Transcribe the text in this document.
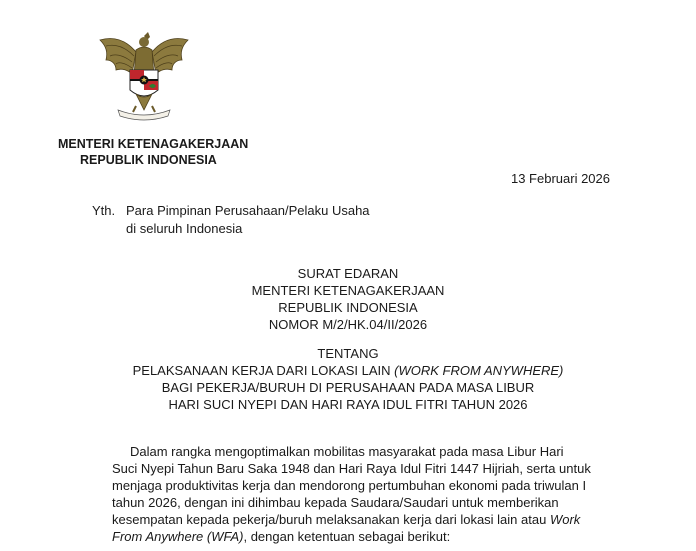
MENTERI KETENAGAKERJAAN
REPUBLIK INDONESIA
13 Februari 2026
Yth. Para Pimpinan Perusahaan/Pelaku Usaha
di seluruh Indonesia
SURAT EDARAN
MENTERI KETENAGAKERJAAN
REPUBLIK INDONESIA
NOMOR M/2/HK.04/II/2026
TENTANG
PELAKSANAAN KERJA DARI LOKASI LAIN (WORK FROM ANYWHERE)
BAGI PEKERJA/BURUH DI PERUSAHAAN PADA MASA LIBUR
HARI SUCI NYEPI DAN HARI RAYA IDUL FITRI TAHUN 2026
Dalam rangka mengoptimalkan mobilitas masyarakat pada masa Libur Hari
Suci Nyepi Tahun Baru Saka 1948 dan Hari Raya Idul Fitri 1447 Hijriah, serta untuk
menjaga produktivitas kerja dan mendorong pertumbuhan ekonomi pada triwulan I
tahun 2026, dengan ini dihimbau kepada Saudara/Saudari untuk memberikan
kesempatan kepada pekerja/buruh melaksanakan kerja dari lokasi lain atau Work
From Anywhere (WFA), dengan ketentuan sebagai berikut:
